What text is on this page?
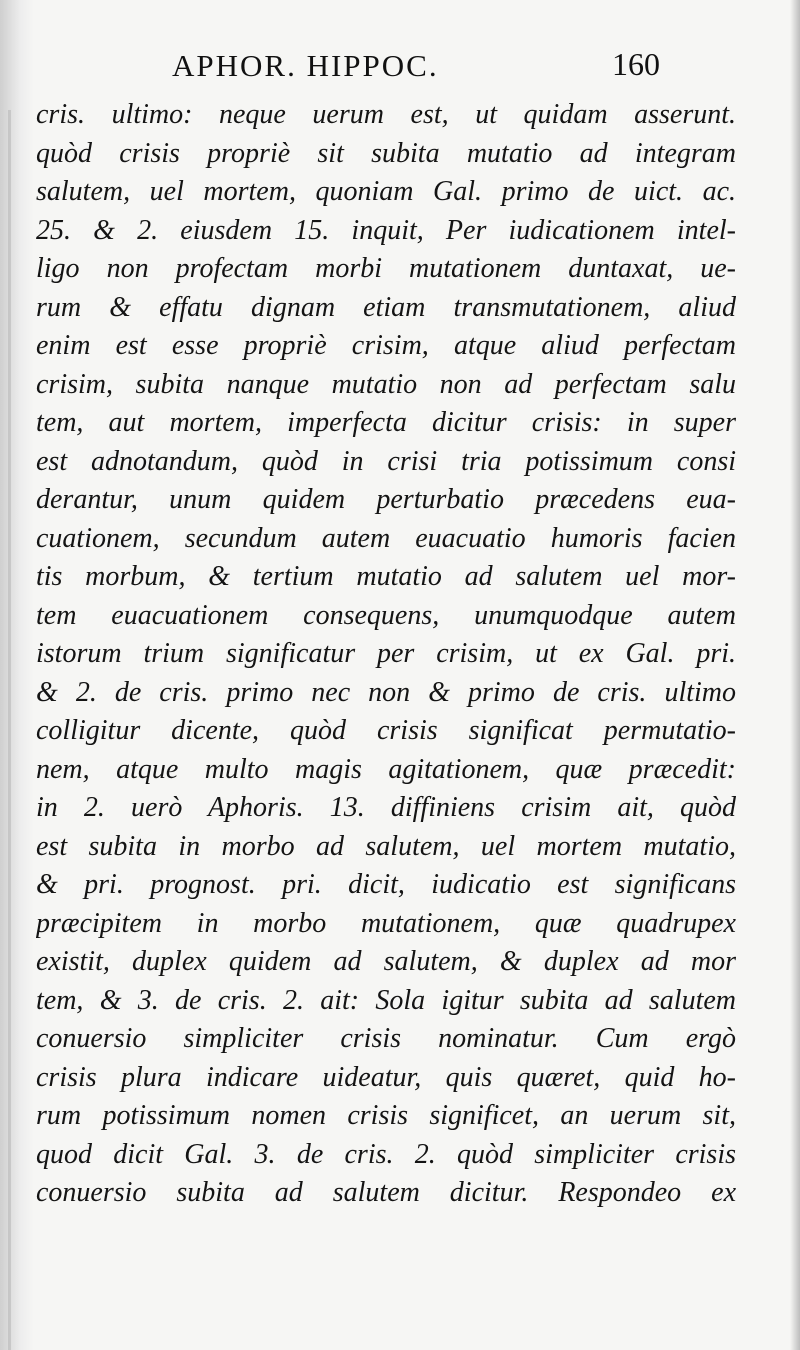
APHOR. HIPPOC.	160
cris. ultimo: neque uerum est, ut quidam asserunt.
quòd crisis propriè sit subita mutatio ad integram
salutem, uel mortem, quoniam Gal. primo de uict. ac.
25. & 2. eiusdem 15. inquit, Per iudicationem intel-
ligo non profectam morbi mutationem duntaxat, ue-
rum & effatu dignam etiam transmutationem, aliud
enim est esse propriè crisim, atque aliud perfectam
crisim, subita nanque mutatio non ad perfectam salu
tem, aut mortem, imperfecta dicitur crisis: in super
est adnotandum, quòd in crisi tria potissimum consi
derantur, unum quidem perturbatio præcedens eua-
cuationem, secundum autem euacuatio humoris facien
tis morbum, & tertium mutatio ad salutem uel mor-
tem euacuationem consequens, unumquodque autem
istorum trium significatur per crisim, ut ex Gal. pri.
& 2. de cris. primo nec non & primo de cris. ultimo
colligitur dicente, quòd crisis significat permutatio-
nem, atque multo magis agitationem, quæ præcedit:
in 2. uerò Aphoris. 13. diffiniens crisim ait, quòd
est subita in morbo ad salutem, uel mortem mutatio,
& pri. prognost. pri. dicit, iudicatio est significans
præcipitem in morbo mutationem, quæ quadrupex
existit, duplex quidem ad salutem, & duplex ad mor
tem, & 3. de cris. 2. ait: Sola igitur subita ad salutem
conuersio simpliciter crisis nominatur. Cum ergò
crisis plura indicare uideatur, quis quæret, quid ho-
rum potissimum nomen crisis significet, an uerum sit,
quod dicit Gal. 3. de cris. 2. quòd simpliciter crisis
conuersio subita ad salutem dicitur. Respondeo ex
